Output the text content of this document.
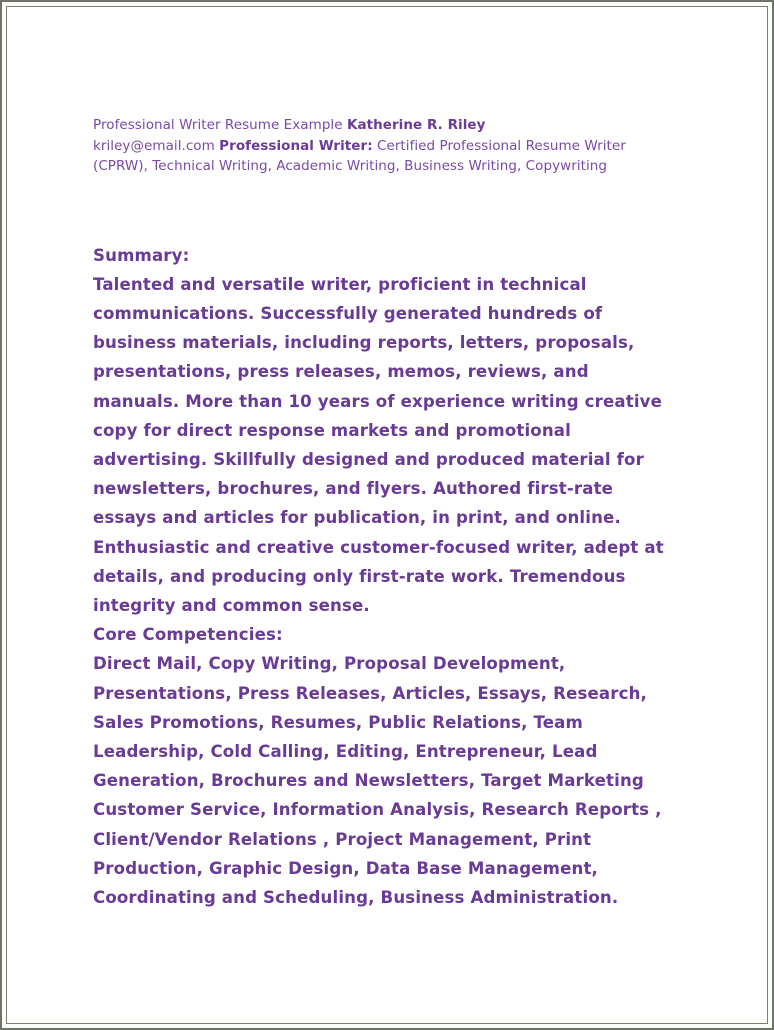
Professional Writer Resume Example Katherine R. Riley
kriley@email.com Professional Writer: Certified Professional Resume Writer
(CPRW), Technical Writing, Academic Writing, Business Writing, Copywriting
Summary:
Talented and versatile writer, proficient in technical
communications. Successfully generated hundreds of
business materials, including reports, letters, proposals,
presentations, press releases, memos, reviews, and
manuals. More than 10 years of experience writing creative
copy for direct response markets and promotional
advertising. Skillfully designed and produced material for
newsletters, brochures, and flyers. Authored first-rate
essays and articles for publication, in print, and online.
Enthusiastic and creative customer-focused writer, adept at
details, and producing only first-rate work. Tremendous
integrity and common sense.
Core Competencies:
Direct Mail, Copy Writing, Proposal Development,
Presentations, Press Releases, Articles, Essays, Research,
Sales Promotions, Resumes, Public Relations, Team
Leadership, Cold Calling, Editing, Entrepreneur, Lead
Generation, Brochures and Newsletters, Target Marketing
Customer Service, Information Analysis, Research Reports ,
Client/Vendor Relations , Project Management, Print
Production, Graphic Design, Data Base Management,
Coordinating and Scheduling, Business Administration.
